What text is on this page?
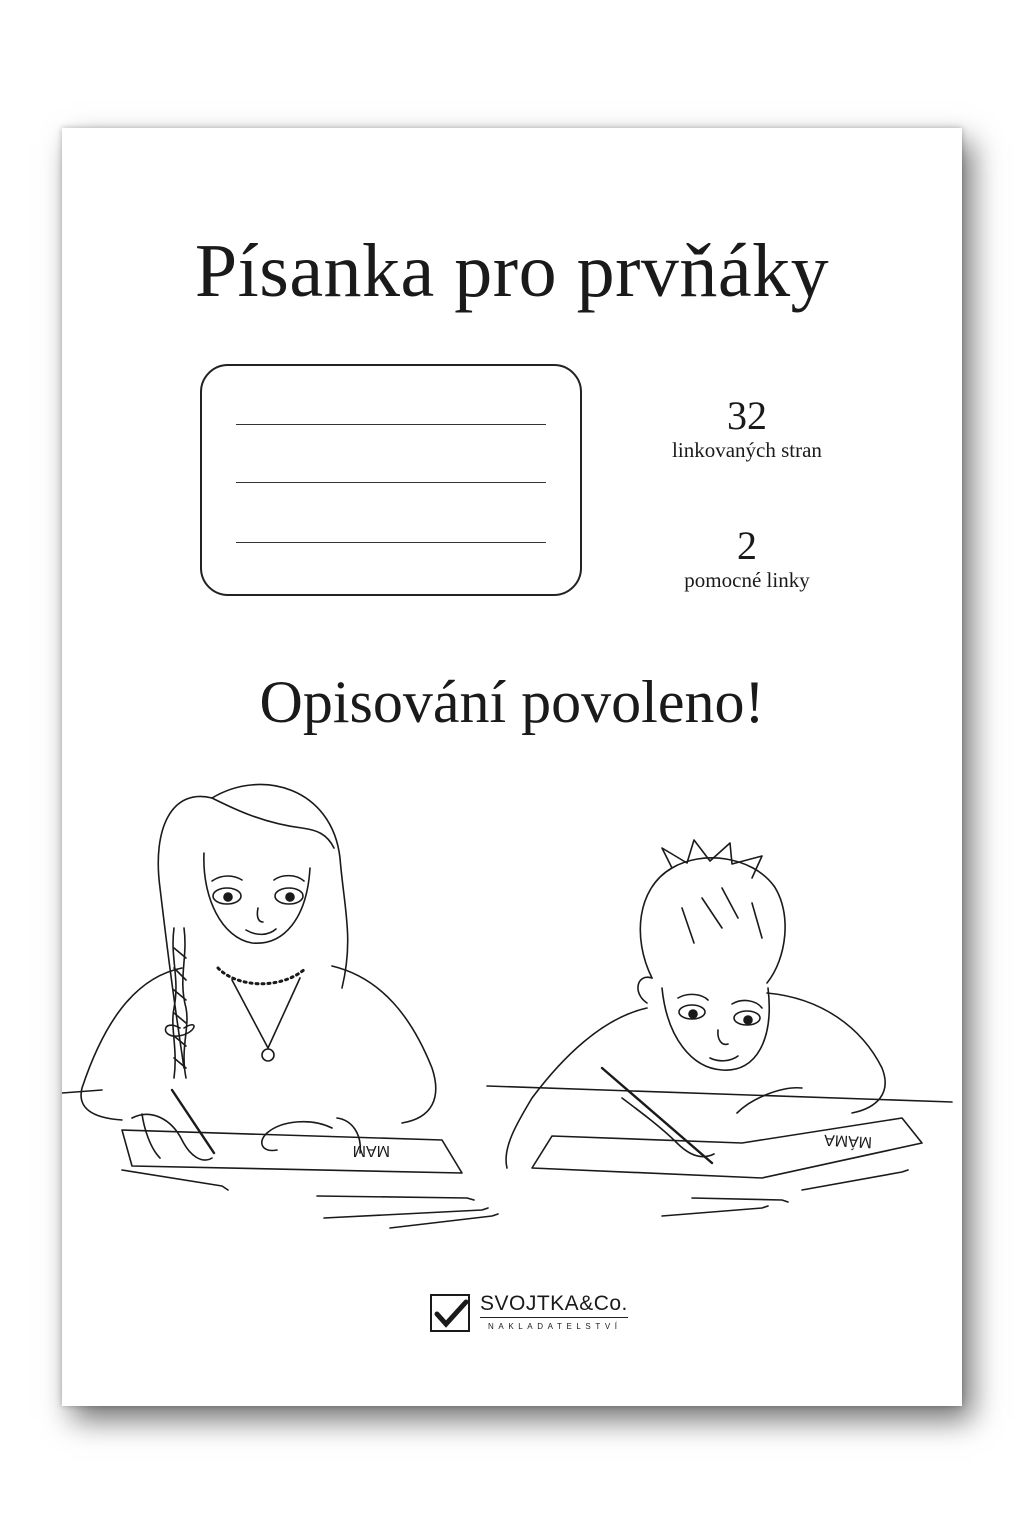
Písanka pro prvňáky
32
linkovaných stran
2
pomocné linky
Opisování povoleno!
MAM
MÁMA
SVOJTKA&Co.
NAKLADATELSTVÍ
